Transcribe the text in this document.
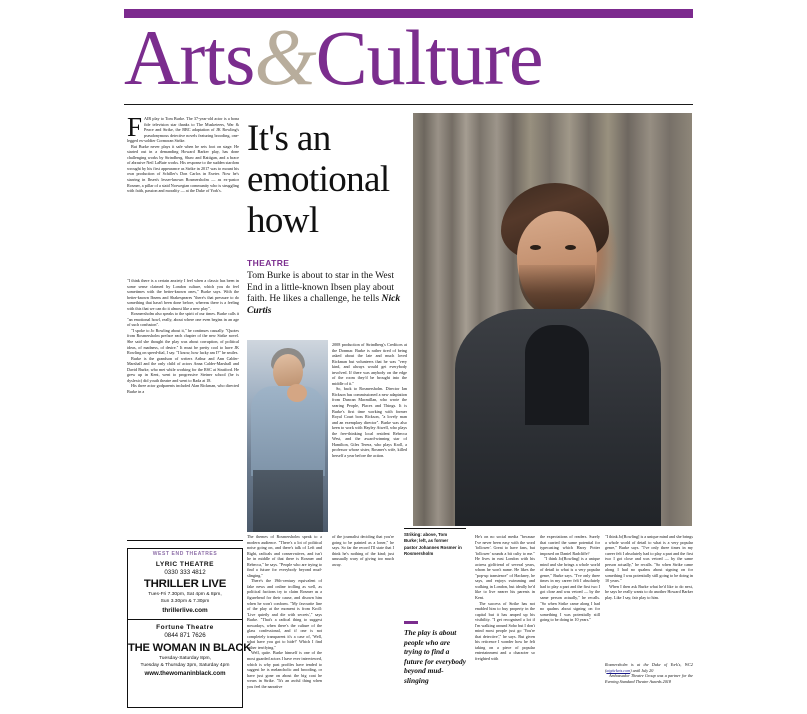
Arts&Culture
It's an emotional howl
THEATRE
Tom Burke is about to star in the West End in a little-known Ibsen play about faith. He likes a challenge, he tells Nick Curtis
F AIR play to Tom Burke. The 37-year-old actor is a bona fide television star thanks to The Musketeers, War & Peace and Strike, the BBC adaptation of JK Rowling's pseudonymous detective novels featuring brooding, one-legged ex-soldier Cormoran Strike.

But Burke never plays it safe when he sets foot on stage. He started out in a demanding Howard Barker play, has done challenging works by Strindberg, Shaw and Rattigan, and a brace of abrasive Neil LaBute works. His response to the sudden stardom wrought by his first appearance as Strike in 2017 was to mount his own production of Schiller's Don Carlos in Exeter. Now he's starring in Ibsen's lesser-known Rosmersholm — as ex-pastor Rosmer, a pillar of a staid Norwegian community who is struggling with faith, passion and morality — at the Duke of York's.

"I think there is a certain anxiety I feel when a classic has been in some sense claimed by London culture, which you do feel sometimes with the better-known ones," Burke says. With the better-known Ibsens and Shakespeares "there's that pressure to do something that hasn't been done before, whereas there is a feeling with this that we can do it almost like a new play".

Rosmersholm also speaks to the spirit of our times. Burke calls it "an emotional howl, really, about where one even begins in an age of such confusion".

"I spoke to Jo Rowling about it," he continues casually. "Quotes from Rosmersholm preface each chapter of the new Strike novel. She said she thought the play was about corruption, of political ideas, of madness, of desire." It must be pretty cool to have JK Rowling on speed-dial, I say. "I know, how lucky am I?" he smiles.

Burke is the grandson of writers Arthur and Ann Calder-Marshall and the only child of actors Anna Calder-Marshall and David Burke, who met while working for the RSC at Stratford. He grew up in Kent, went to progressive Steiner school (he is dyslexic) did youth theatre and went to Rada at 18.

His three actor godparents included Alan Rickman, who directed Burke in a

WEST END THEATRES
LYRIC THEATRE
0330 333 4812
THRILLER LIVE
Tues-Fri 7.30pm, Sat 4pm & 8pm,
Sun 3.30pm & 7.30pm
thrillerlive.com
Fortune Theatre
0844 871 7626
THE WOMAN IN BLACK
Tuesday-Saturday 8pm,
Tuesday & Thursday 3pm, Saturday 4pm
www.thewomaninblack.com

2008 production of Strindberg's Creditors at the Donmar. Burke is rather tired of being asked about the late and much loved Rickman but volunteers that he was "very kind, and always would get everybody involved. If there was anybody on the edge of the room they'd be brought into the middle of it."

So, back to Rosmersholm. Director Ian Rickson has commissioned a new adaptation from Duncan Macmillan, who wrote the searing People, Places and Things. It is Burke's first time working with former Royal Court boss Rickson, "a lovely man and an exemplary director". Burke was also keen to work with Hayley Atwell, who plays the free-thinking local resident Rebecca West, and the award-winning star of Hamilton, Giles Terera, who plays Kroll, a professor whose sister, Rosmer's wife, killed herself a year before the action.

The themes of Rosmersholm speak to a modern audience. "There's a lot of political noise going on, and there's talk of Left and Right, radicals and conservatives, and isn't he in middle of that there is Rosmer and Rebecca," he says. "People who are trying to find a future for everybody beyond mud-slinging."

There's the 19th-century equivalent of fake news and online trolling as well, as political factions try to claim Rosmer as a figurehead for their cause, and disown him when he won't conform. "My favourite line of the play at the moment is from Kroll: 'Live quietly and die with secrets'," says Burke. "That's a radical thing to suggest nowadays, when there's the culture of the glass confessional, and if one is not completely transparent it's a case of, 'Well, what have you got to hide?' Which I find rather terrifying."

Well, quite. Burke himself is one of the most guarded actors I have ever interviewed, which is why past profiles have tended to suggest he is melancholic and brooding, or have just gone on about the big coat he wears in Strike. "It's an awful thing when you feel the narrative

of the journalist deciding that you're going to be painted as a loner," he says. So far the record I'll state that I think he's nothing of the kind; just unusually wary of giving too much away.

Striking: above, Tom Burke; left, as former pastor Johannes Rosmer in Rosmersholm
The play is about people who are trying to find a future for everybody beyond mud-slinging

He's on no social media "because I've never been easy with the word 'follower'. Great to have fans, but 'follower' sounds a bit culty to me." He lives in east London with his actress girlfriend of several years, whom he won't name. He likes the "pop-up transience" of Hackney, he says, and enjoys swimming and walking in London, but ideally he'd like to live nearer his parents in Kent.

The success of Strike has not enabled him to buy property in the capital but it has amped up his visibility. "I get recognised a lot if I'm walking around Soho but I don't mind most people just go 'You're that detective'," he says. But given his reticence I wonder how he felt taking on a piece of popular entertainment and a character so freighted with

the expectations of readers. Surely that carried the same potential for typecasting which Harry Potter imposed on Daniel Radcliffe?

"I think Jo[Rowling] is a unique mind and she brings a whole world of detail to what is a very popular genre," Burke says. "I've only three times in my career felt I absolutely had to play a part and the first two I got close and was vetoed — by the same person actually," he recalls. "So when Strike came along I had no qualms about signing on for something I was potentially still going to be doing in 10 years."

"I think Jo[Rowling] is a unique mind and she brings a whole world of detail to what is a very popular genre," Burke says. "I've only three times in my career felt I absolutely had to play a part and the first two I got close and was vetoed — by the same person actually," he recalls. "So when Strike came along I had no qualms about signing on for something I was potentially still going to be doing in 10 years."

When I then ask Burke what he'd like to do next, he says he really wants to do another Howard Barker play. Like I say, fair play to him.

Rosmersholm is at the Duke of York's, WC2 (atgtickets.com) until July 20

Ambassador Theatre Group was a partner for the Evening Standard Theatre Awards 2018
